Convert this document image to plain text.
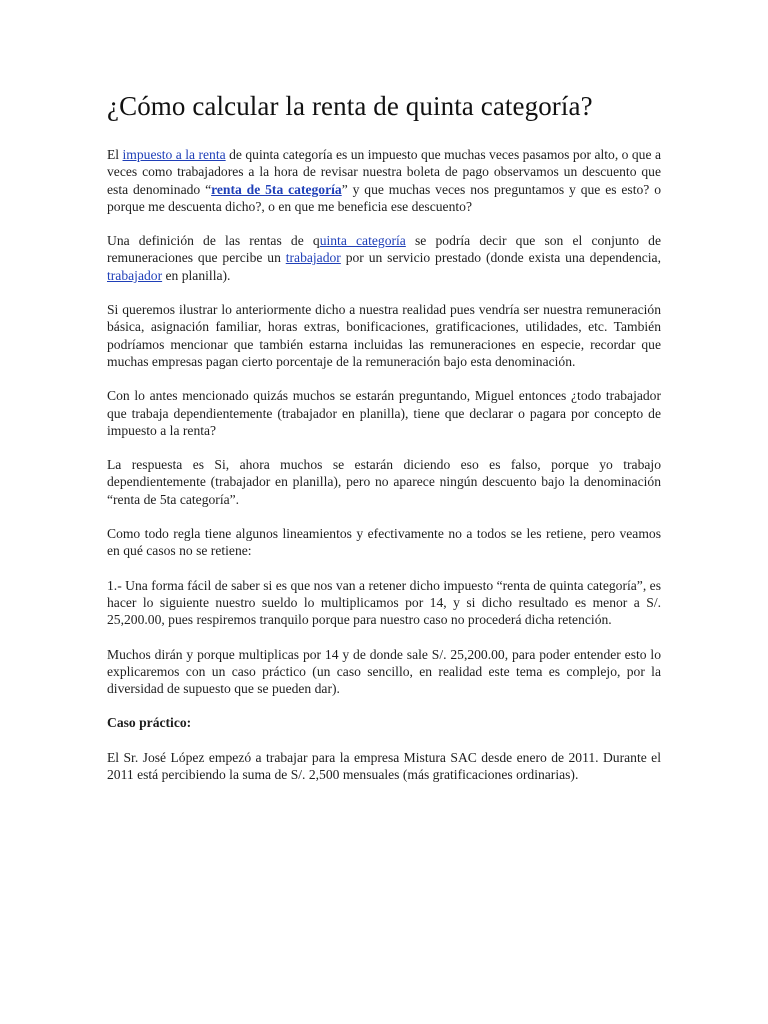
¿Cómo calcular la renta de quinta categoría?

El impuesto a la renta de quinta categoría es un impuesto que muchas veces pasamos por alto, o que a veces como trabajadores a la hora de revisar nuestra boleta de pago observamos un descuento que esta denominado “renta de 5ta categoría” y que muchas veces nos preguntamos y que es esto? o porque me descuenta dicho?, o en que me beneficia ese descuento?

Una definición de las rentas de quinta categoría se podría decir que son el conjunto de remuneraciones que percibe un trabajador por un servicio prestado (donde exista una dependencia, trabajador en planilla).

Si queremos ilustrar lo anteriormente dicho a nuestra realidad pues vendría ser nuestra remuneración básica, asignación familiar, horas extras, bonificaciones, gratificaciones, utilidades, etc. También podríamos mencionar que también estarna incluidas las remuneraciones en especie, recordar que muchas empresas pagan cierto porcentaje de la remuneración bajo esta denominación.

Con lo antes mencionado quizás muchos se estarán preguntando, Miguel entonces ¿todo trabajador que trabaja dependientemente (trabajador en planilla), tiene que declarar o pagara por concepto de impuesto a la renta?

La respuesta es Si, ahora muchos se estarán diciendo eso es falso, porque yo trabajo dependientemente (trabajador en planilla), pero no aparece ningún descuento bajo la denominación “renta de 5ta categoría”.

Como todo regla tiene algunos lineamientos y efectivamente no a todos se les retiene, pero veamos en qué casos no se retiene:

1.- Una forma fácil de saber si es que nos van a retener dicho impuesto “renta de quinta categoría”, es hacer lo siguiente nuestro sueldo lo multiplicamos por 14, y si dicho resultado es menor a S/. 25,200.00, pues respiremos tranquilo porque para nuestro caso no procederá dicha retención.

Muchos dirán y porque multiplicas por 14 y de donde sale S/. 25,200.00, para poder entender esto lo explicaremos con un caso práctico (un caso sencillo, en realidad este tema es complejo, por la diversidad de supuesto que se pueden dar).

Caso práctico:

El Sr. José López empezó a trabajar para la empresa Mistura SAC desde enero de 2011. Durante el 2011 está percibiendo la suma de S/. 2,500 mensuales (más gratificaciones ordinarias).
